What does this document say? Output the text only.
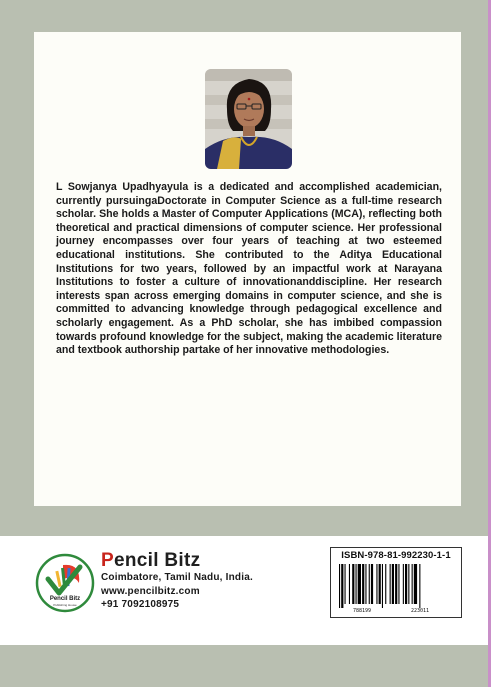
L Sowjanya Upadhyayula is a dedicated and accomplished academician, currently pursuingaDoctorate in Computer Science as a full-time research scholar. She holds a Master of Computer Applications (MCA), reflecting both theoretical and practical dimensions of computer science. Her professional journey encompasses over four years of teaching at two esteemed educational institutions. She contributed to the Aditya Educational Institutions for two years, followed by an impactful work at Narayana Institutions to foster a culture of innovationanddiscipline. Her research interests span across emerging domains in computer science, and she is committed to advancing knowledge through pedagogical excellence and scholarly engagement. As a PhD scholar, she has imbibed compassion towards profound knowledge for the subject, making the academic literature and textbook authorship partake of her innovative methodologies.

Pencil Bitz
Publishing House

Pencil Bitz

Coimbatore, Tamil Nadu, India.

www.pencilbitz.com

+91 7092108975

ISBN-978-81-992230-1-1

788199	223011
